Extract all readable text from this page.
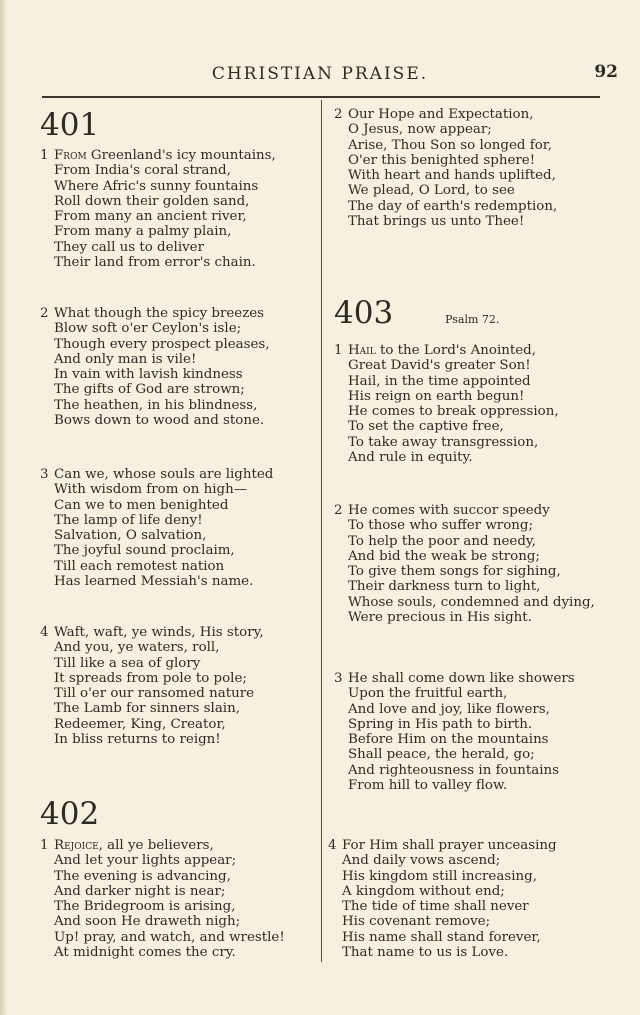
CHRISTIAN PRAISE.	92
401
1 From Greenland's icy mountains,
From India's coral strand,
Where Afric's sunny fountains
Roll down their golden sand,
From many an ancient river,
From many a palmy plain,
They call us to deliver
Their land from error's chain.
2 What though the spicy breezes
Blow soft o'er Ceylon's isle;
Though every prospect pleases,
And only man is vile!
In vain with lavish kindness
The gifts of God are strown;
The heathen, in his blindness,
Bows down to wood and stone.
3 Can we, whose souls are lighted
With wisdom from on high—
Can we to men benighted
The lamp of life deny!
Salvation, O salvation,
The joyful sound proclaim,
Till each remotest nation
Has learned Messiah's name.
4 Waft, waft, ye winds, His story,
And you, ye waters, roll,
Till like a sea of glory
It spreads from pole to pole;
Till o'er our ransomed nature
The Lamb for sinners slain,
Redeemer, King, Creator,
In bliss returns to reign!
402
1 Rejoice, all ye believers,
And let your lights appear;
The evening is advancing,
And darker night is near;
The Bridegroom is arising,
And soon He draweth nigh;
Up! pray, and watch, and wrestle!
At midnight comes the cry.
2 Our Hope and Expectation,
O Jesus, now appear;
Arise, Thou Son so longed for,
O'er this benighted sphere!
With heart and hands uplifted,
We plead, O Lord, to see
The day of earth's redemption,
That brings us unto Thee!
403	Psalm 72.
1 Hail to the Lord's Anointed,
Great David's greater Son!
Hail, in the time appointed
His reign on earth begun!
He comes to break oppression,
To set the captive free,
To take away transgression,
And rule in equity.
2 He comes with succor speedy
To those who suffer wrong;
To help the poor and needy,
And bid the weak be strong;
To give them songs for sighing,
Their darkness turn to light,
Whose souls, condemned and dying,
Were precious in His sight.
3 He shall come down like showers
Upon the fruitful earth,
And love and joy, like flowers,
Spring in His path to birth.
Before Him on the mountains
Shall peace, the herald, go;
And righteousness in fountains
From hill to valley flow.
4 For Him shall prayer unceasing
And daily vows ascend;
His kingdom still increasing,
A kingdom without end;
The tide of time shall never
His covenant remove;
His name shall stand forever,
That name to us is Love.
